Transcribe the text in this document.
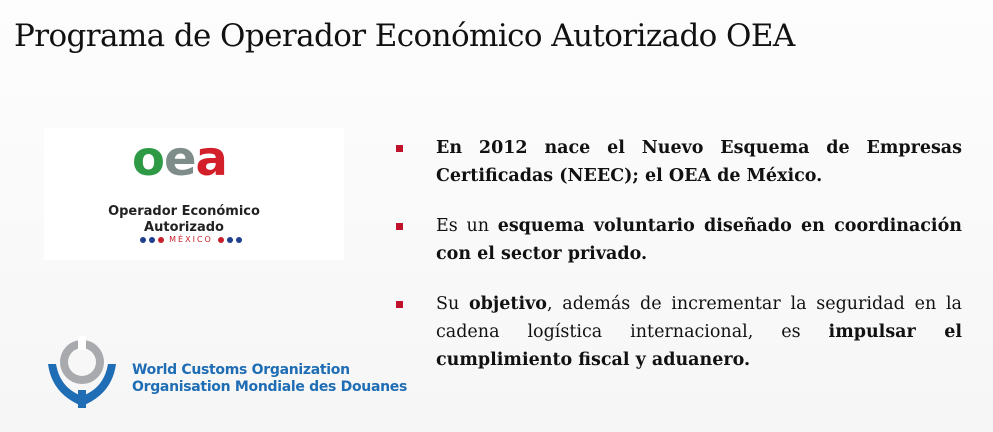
Programa de Operador Económico Autorizado OEA
oea
Operador Económico
Autorizado
MÉXICO
World Customs Organization
Organisation Mondiale des Douanes
En 2012 nace el Nuevo Esquema de Empresas Certificadas (NEEC); el OEA de México.
Es un esquema voluntario diseñado en coordinación con el sector privado.
Su objetivo, además de incrementar la seguridad en la cadena logística internacional, es impulsar el cumplimiento fiscal y aduanero.
